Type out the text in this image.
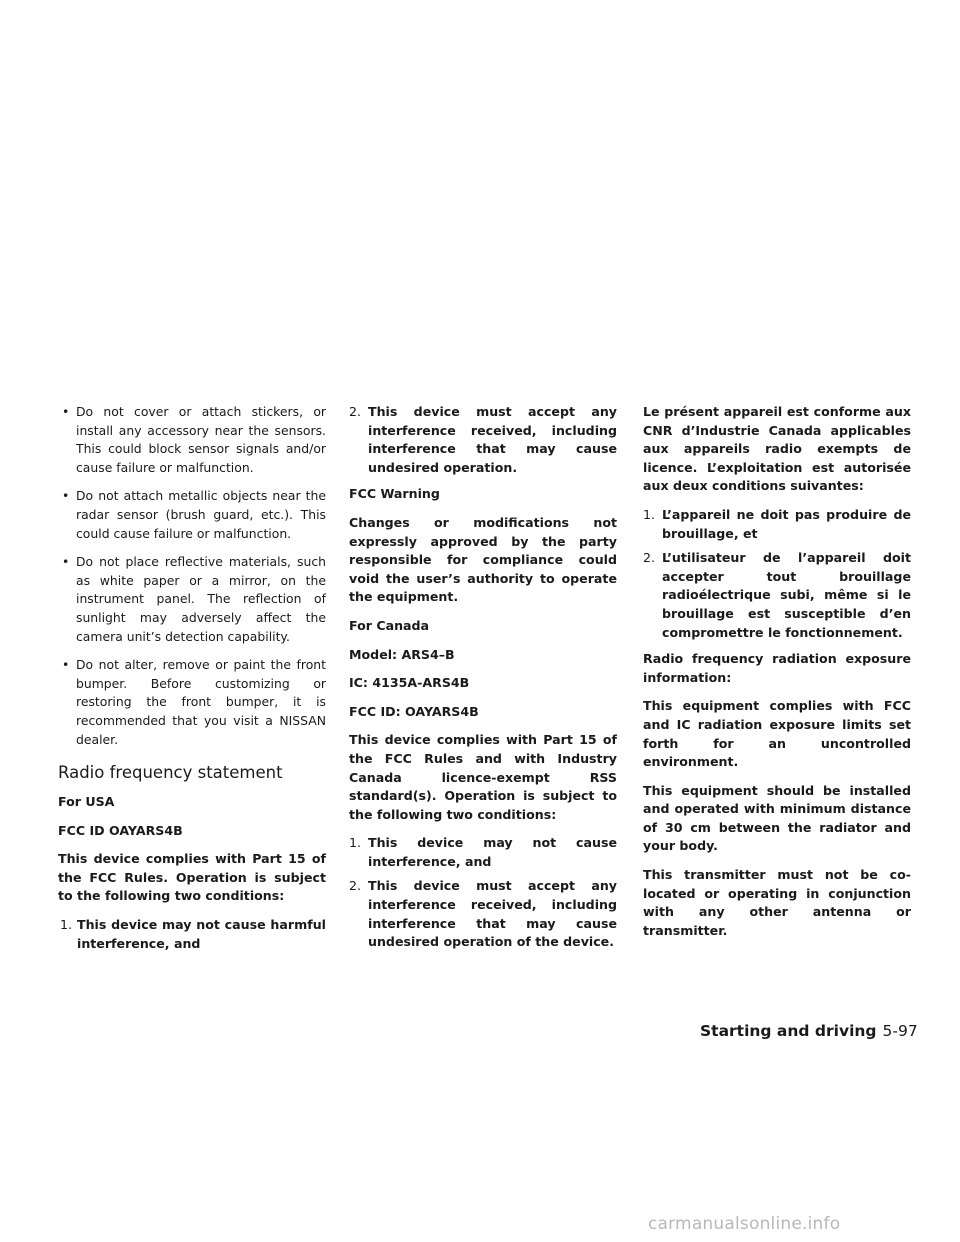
• Do not cover or attach stickers, or install any accessory near the sensors. This could block sensor signals and/or cause failure or malfunction.
• Do not attach metallic objects near the radar sensor (brush guard, etc.). This could cause failure or malfunction.
• Do not place reflective materials, such as white paper or a mirror, on the instrument panel. The reflection of sunlight may adversely affect the camera unit’s detection capability.
• Do not alter, remove or paint the front bumper. Before customizing or restoring the front bumper, it is recommended that you visit a NISSAN dealer.
Radio frequency statement

For USA

FCC ID OAYARS4B

This device complies with Part 15 of the FCC Rules. Operation is subject to the following two conditions:

1. This device may not cause harmful interference, and
2. This device must accept any interference received, including interference that may cause undesired operation.

FCC Warning

Changes or modifications not expressly approved by the party responsible for compliance could void the user’s authority to operate the equipment.

For Canada

Model: ARS4–B

IC: 4135A-ARS4B

FCC ID: OAYARS4B

This device complies with Part 15 of the FCC Rules and with Industry Canada licence-exempt RSS standard(s). Operation is subject to the following two conditions:

1. This device may not cause interference, and
2. This device must accept any interference received, including interference that may cause undesired operation of the device.

Le présent appareil est conforme aux CNR d’Industrie Canada applicables aux appareils radio exempts de licence. L’exploitation est autorisée aux deux conditions suivantes:

1. L’appareil ne doit pas produire de brouillage, et
2. L’utilisateur de l’appareil doit accepter tout brouillage radioélectrique subi, même si le brouillage est susceptible d’en compromettre le fonctionnement.

Radio frequency radiation exposure information:

This equipment complies with FCC and IC radiation exposure limits set forth for an uncontrolled environment.

This equipment should be installed and operated with minimum distance of 30 cm between the radiator and your body.

This transmitter must not be co-located or operating in conjunction with any other antenna or transmitter.

Starting and driving 5-97
carmanualsonline.info
